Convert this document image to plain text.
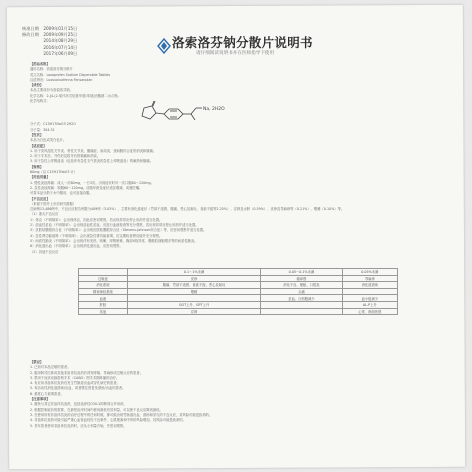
核准日期 2009年01月15日
修改日期 2009年09月25日
2014年08月29日
2016年07月14日
2017年06月09日
洛索洛芬钠分散片说明书
请仔细阅读说明书并在医师指导下使用
【药品名称】
通用名称：洛索洛芬钠分散片
英文名称：Loxoprofen Sodium Dispersible Tablets
汉语拼音：Luosuoluofenna Fensanpian
【成份】
本品主要成份为洛索洛芬钠。
化学名称：2-[4-(2-氧代环戊烷基甲基)苯基]丙酸钠二水合物。
化学结构式：
分子式：C15H17NaO3·2H2O
分子量：304.31
【性状】
本品为白色或类白色片。
【适应症】
1. 用于类风湿性关节炎、骨性关节炎、腰痛症、肩周炎、颈肩腕综合征的消炎和镇痛。
2. 用于手术后、外伤后及拔牙后的镇痛和消炎。
3. 用于急性上呼吸道炎（包括伴有急性支气管炎的急性上呼吸道炎）的解热和镇痛。
【规格】
60mg（以 C15H17NaO3 计）
【用法用量】
1. 慢性炎症疼痛：成人一次60mg，一日3次。出现症状时可一次口服60～120mg。
2. 急性炎症疼痛：顿服60～120mg。应随年龄及症状适宜增减，或遵医嘱。
可将本品分散于水中服用，也可直接吞服。
【不良反应】
（来源于国外上市后研究数据）
总病例13,486例中，不良反应报告例数为409例（3.03%），主要有消化道症状（胃部不适感、腹痛、恶心及呕吐、食欲不振等2.25%）、浮肿及水肿（0.59%）、皮疹及荨麻疹等（0.21%）、嗜睡（0.10%）等。
（1）重大不良反应
1）休克（不明频率）：会出现休克，因此应密切观察，若出现异常应停止用药并适当处置。
2）溶血性贫血（不明频率）：会出现溶血性贫血，应进行血液检查等充分观察，若出现异常应停止用药并适当处置。
3）皮肤粘膜眼综合征（不明频率）：会出现皮肤粘膜眼综合征（Stevens-Johnson综合征）等，应密切观察并适当处置。
4）急性肾功能衰竭（不明频率）：会出现急性肾功能衰竭，应定期检查肾功能并充分观察。
5）间质性肺炎（不明频率）：会出现伴有发热、咳嗽、呼吸困难、胸部X线异常、嗜酸粒细胞增多等的间质性肺炎。
6）消化道出血（不明频率）：会出现消化道出血，应密切观察。
（2）其他不良反应
Na, 2H2O
	0.1～1%未满	0.05～0.1%未满	0.05%未满
过敏症	皮疹	瘙痒感	荨麻疹
消化系统	腹痛、胃部不适感、食欲不振、恶心及呕吐	消化不良、便秘、口腔炎	消化道溃疡
精神神经系统	嗜睡	头痛	
血液		贫血、白细胞减少	血小板减少
肝脏	GOT上升、GPT上升		AL-P上升
其他	浮肿		心悸、颜面热感
【禁忌】
1. 已知对本品过敏的患者。
2. 服用阿司匹林或其他非甾体抗炎药后诱发哮喘、荨麻疹或过敏反应的患者。
3. 禁用于冠状动脉搭桥手术（CABG）围手术期疼痛的治疗。
4. 有应用非甾体抗炎药后发生胃肠道出血或穿孔病史的患者。
5. 有活动性消化道溃疡/出血，或者既往曾复发溃疡/出血的患者。
6. 重度心力衰竭患者。
【注意事项】
1. 避免与其它非甾体抗炎药，包括选择性COX-2抑制剂合并用药。
2. 根据控制症状的需要，在最短治疗时间内使用最低有效剂量，可以使不良反应降到最低。
3. 在使用所有非甾体抗炎药治疗过程中的任何时候，都可能出现胃肠道出血、溃疡和穿孔的不良反应，其风险可能是致命的。
4. 非甾体抗炎药可能引起严重心血管血栓性不良事件、心肌梗塞和中风的风险增加，其风险可能是致命的。
5. 老年患者使用非甾体抗炎药时，应从小剂量开始，并密切观察。
